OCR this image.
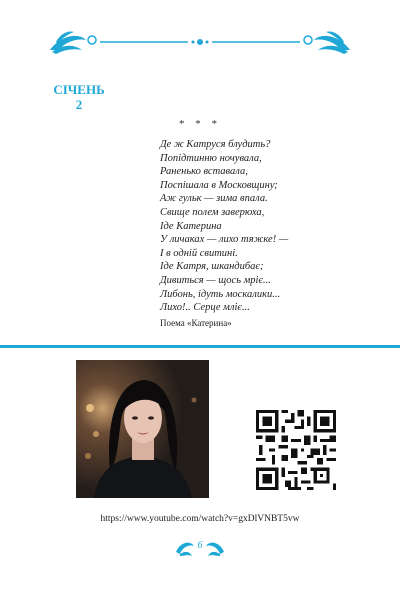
СІЧЕНЬ
2
* * *
Де ж Катруся блудить?
Попідтинню ночувала,
Раненько вставала,
Поспішала в Московщину;
Аж гульк — зима впала.
Свище полем заверюха,
Іде Катерина
У личаках — лихо тяжке! —
І в одній свитині.
Іде Катря, шкандибає;
Дивиться — щось мріє...
Либонь, ідуть москалики...
Лихо!.. Серце мліє...
Поема «Катерина»
https://www.youtube.com/watch?v=gxDlVNBT5vw
6
